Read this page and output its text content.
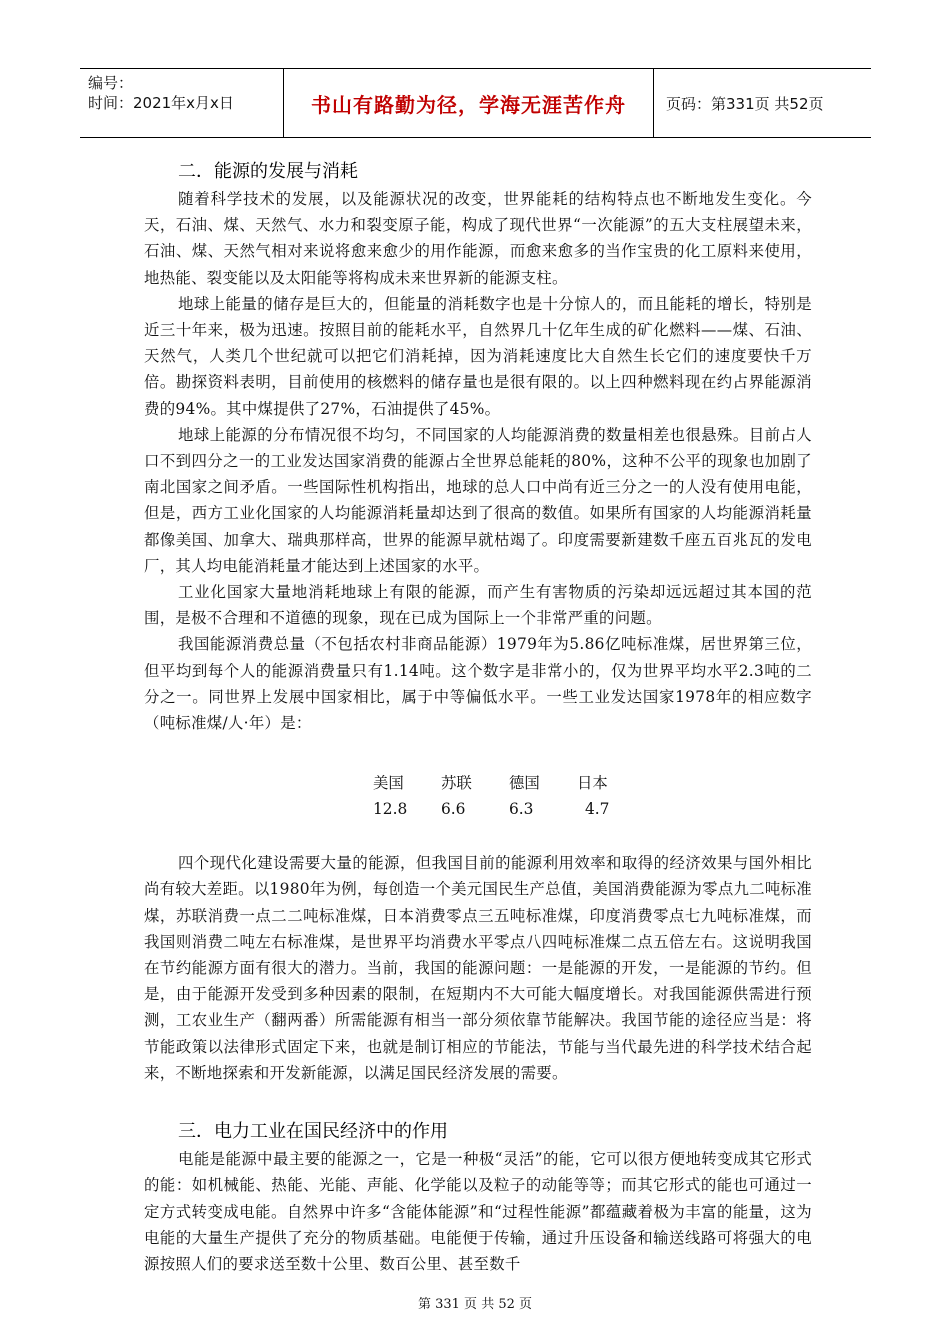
编号：
时间：2021年x月x日	书山有路勤为径，学海无涯苦作舟	页码：第331页 共52页
二．能源的发展与消耗

随着科学技术的发展，以及能源状况的改变，世界能耗的结构特点也不断地发生变化。今天，石油、煤、天然气、水力和裂变原子能，构成了现代世界“一次能源”的五大支柱展望未来，石油、煤、天然气相对来说将愈来愈少的用作能源，而愈来愈多的当作宝贵的化工原料来使用，地热能、裂变能以及太阳能等将构成未来世界新的能源支柱。

地球上能量的储存是巨大的，但能量的消耗数字也是十分惊人的，而且能耗的增长，特别是近三十年来，极为迅速。按照目前的能耗水平，自然界几十亿年生成的矿化燃料——煤、石油、天然气，人类几个世纪就可以把它们消耗掉，因为消耗速度比大自然生长它们的速度要快千万倍。勘探资料表明，目前使用的核燃料的储存量也是很有限的。以上四种燃料现在约占界能源消费的94%。其中煤提供了27%，石油提供了45%。

地球上能源的分布情况很不均匀，不同国家的人均能源消费的数量相差也很悬殊。目前占人口不到四分之一的工业发达国家消费的能源占全世界总能耗的80%，这种不公平的现象也加剧了南北国家之间矛盾。一些国际性机构指出，地球的总人口中尚有近三分之一的人没有使用电能，但是，西方工业化国家的人均能源消耗量却达到了很高的数值。如果所有国家的人均能源消耗量都像美国、加拿大、瑞典那样高，世界的能源早就枯竭了。印度需要新建数千座五百兆瓦的发电厂，其人均电能消耗量才能达到上述国家的水平。

工业化国家大量地消耗地球上有限的能源，而产生有害物质的污染却远远超过其本国的范围，是极不合理和不道德的现象，现在已成为国际上一个非常严重的问题。

我国能源消费总量（不包括农村非商品能源）1979年为5.86亿吨标准煤，居世界第三位，但平均到每个人的能源消费量只有1.14吨。这个数字是非常小的，仅为世界平均水平2.3吨的二分之一。同世界上发展中国家相比，属于中等偏低水平。一些工业发达国家1978年的相应数字（吨标准煤/人·年）是：

美国	苏联	德国	日本
12.8	6.6	6.3	4.7

四个现代化建设需要大量的能源，但我国目前的能源利用效率和取得的经济效果与国外相比尚有较大差距。以1980年为例，每创造一个美元国民生产总值，美国消费能源为零点九二吨标准煤，苏联消费一点二二吨标准煤，日本消费零点三五吨标准煤，印度消费零点七九吨标准煤，而我国则消费二吨左右标准煤，是世界平均消费水平零点八四吨标准煤二点五倍左右。这说明我国在节约能源方面有很大的潜力。当前，我国的能源问题：一是能源的开发，一是能源的节约。但是，由于能源开发受到多种因素的限制，在短期内不大可能大幅度增长。对我国能源供需进行预测，工农业生产（翻两番）所需能源有相当一部分须依靠节能解决。我国节能的途径应当是：将节能政策以法律形式固定下来，也就是制订相应的节能法，节能与当代最先进的科学技术结合起来，不断地探索和开发新能源，以满足国民经济发展的需要。

三．电力工业在国民经济中的作用

电能是能源中最主要的能源之一，它是一种极“灵活”的能，它可以很方便地转变成其它形式的能：如机械能、热能、光能、声能、化学能以及粒子的动能等等；而其它形式的能也可通过一定方式转变成电能。自然界中许多“含能体能源”和“过程性能源”都蕴藏着极为丰富的能量，这为电能的大量生产提供了充分的物质基础。电能便于传输，通过升压设备和输送线路可将强大的电源按照人们的要求送至数十公里、数百公里、甚至数千

第 331 页 共 52 页
